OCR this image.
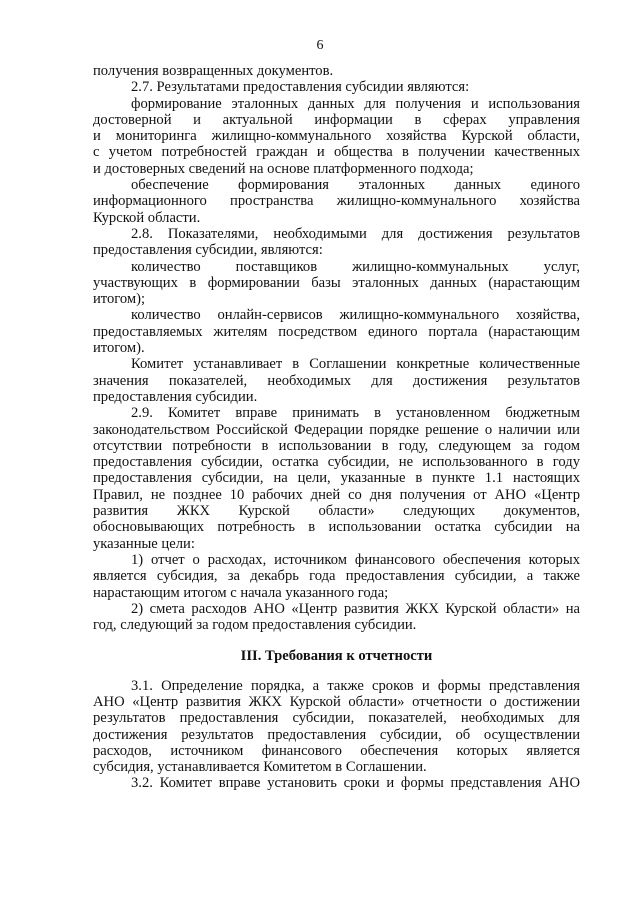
6
получения возвращенных документов.
2.7. Результатами предоставления субсидии являются:
формирование эталонных данных для получения и использования
достоверной и актуальной информации в сферах управления
и мониторинга жилищно-коммунального хозяйства Курской области,
с учетом потребностей граждан и общества в получении качественных
и достоверных сведений на основе платформенного подхода;
обеспечение формирования эталонных данных единого
информационного пространства жилищно-коммунального хозяйства
Курской области.
2.8. Показателями, необходимыми для достижения результатов
предоставления субсидии, являются:
количество поставщиков жилищно-коммунальных услуг,
участвующих в формировании базы эталонных данных (нарастающим
итогом);
количество онлайн-сервисов жилищно-коммунального хозяйства,
предоставляемых жителям посредством единого портала (нарастающим
итогом).
Комитет устанавливает в Соглашении конкретные количественные
значения показателей, необходимых для достижения результатов
предоставления субсидии.
2.9. Комитет вправе принимать в установленном бюджетным
законодательством Российской Федерации порядке решение о наличии или
отсутствии потребности в использовании в году, следующем за годом
предоставления субсидии, остатка субсидии, не использованного в году
предоставления субсидии, на цели, указанные в пункте 1.1 настоящих
Правил, не позднее 10 рабочих дней со дня получения от АНО «Центр
развития ЖКХ Курской области» следующих документов,
обосновывающих потребность в использовании остатка субсидии на
указанные цели:
1) отчет о расходах, источником финансового обеспечения которых
является субсидия, за декабрь года предоставления субсидии, а также
нарастающим итогом с начала указанного года;
2) смета расходов АНО «Центр развития ЖКХ Курской области» на
год, следующий за годом предоставления субсидии.
III. Требования к отчетности
3.1. Определение порядка, а также сроков и формы представления
АНО «Центр развития ЖКХ Курской области» отчетности о достижении
результатов предоставления субсидии, показателей, необходимых для
достижения результатов предоставления субсидии, об осуществлении
расходов, источником финансового обеспечения которых является
субсидия, устанавливается Комитетом в Соглашении.
3.2. Комитет вправе установить сроки и формы представления АНО
